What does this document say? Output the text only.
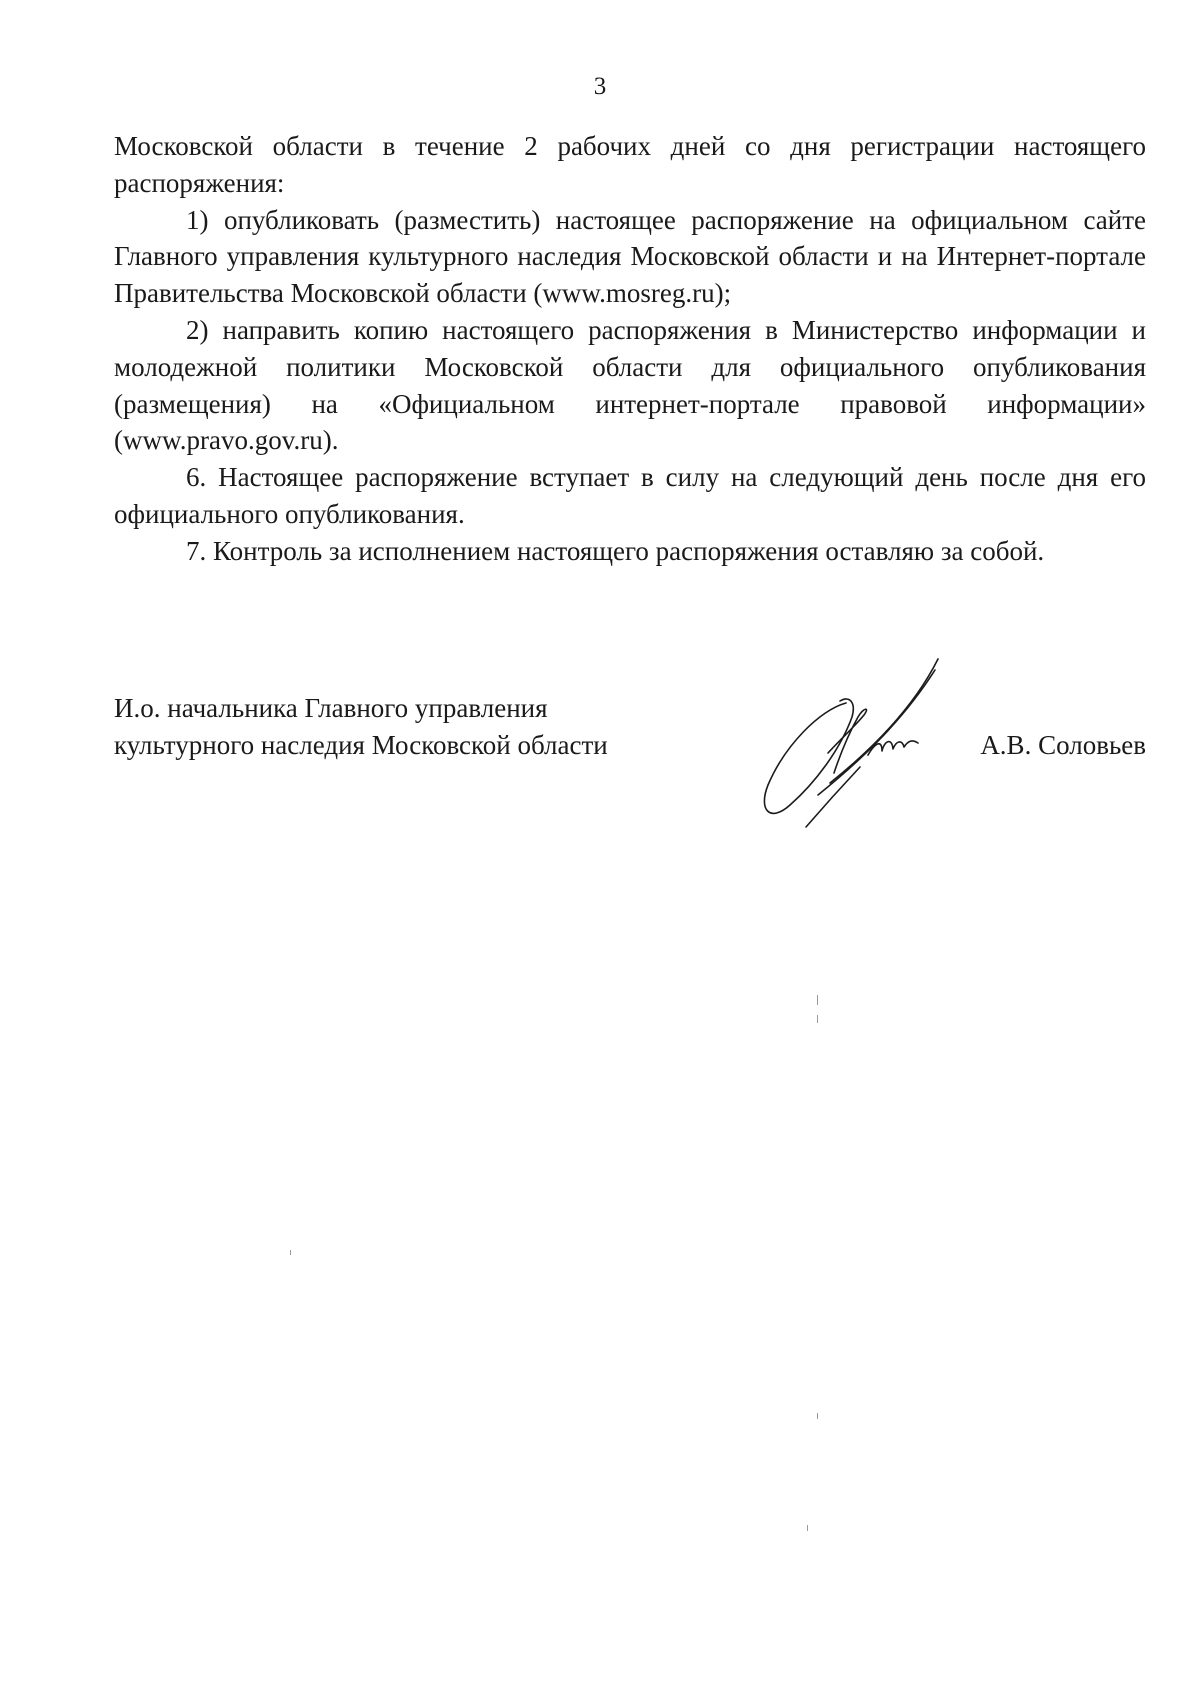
3

Московской области в течение 2 рабочих дней со дня регистрации настоящего распоряжения:

1) опубликовать (разместить) настоящее распоряжение на официальном сайте Главного управления культурного наследия Московской области и на Интернет-портале Правительства Московской области (www.mosreg.ru);

2) направить копию настоящего распоряжения в Министерство информации и молодежной политики Московской области для официального опубликования (размещения) на «Официальном интернет-портале правовой информации» (www.pravo.gov.ru).

6. Настоящее распоряжение вступает в силу на следующий день после дня его официального опубликования.

7. Контроль за исполнением настоящего распоряжения оставляю за собой.

И.о. начальника Главного управления
культурного наследия Московской области	А.В. Соловьев
